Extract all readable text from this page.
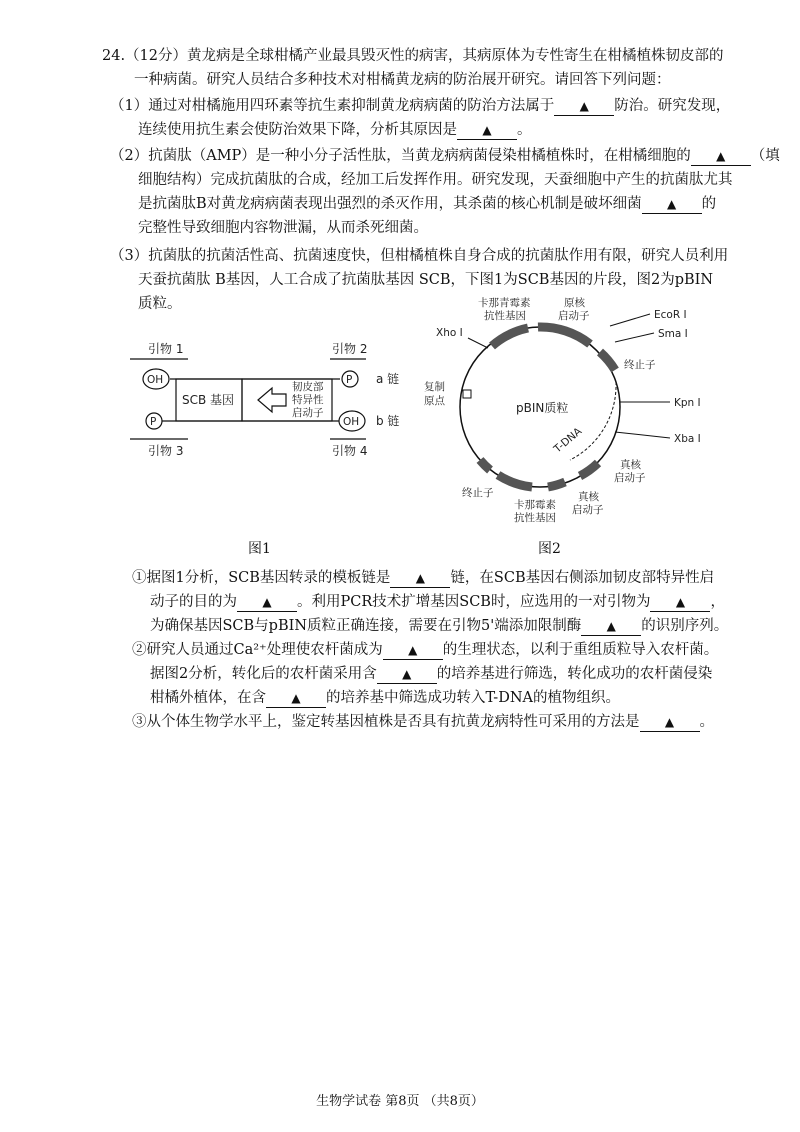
24.（12分）黄龙病是全球柑橘产业最具毁灭性的病害，其病原体为专性寄生在柑橘植株韧皮部的
一种病菌。研究人员结合多种技术对柑橘黄龙病的防治展开研究。请回答下列问题：
（1）通过对柑橘施用四环素等抗生素抑制黄龙病病菌的防治方法属于 ▲ 防治。研究发现，
连续使用抗生素会使防治效果下降，分析其原因是 ▲ 。
（2）抗菌肽（AMP）是一种小分子活性肽，当黄龙病病菌侵染柑橘植株时，在柑橘细胞的 ▲ （填
细胞结构）完成抗菌肽的合成，经加工后发挥作用。研究发现，天蚕细胞中产生的抗菌肽尤其
是抗菌肽B对黄龙病病菌表现出强烈的杀灭作用，其杀菌的核心机制是破坏细菌 ▲ 的
完整性导致细胞内容物泄漏，从而杀死细菌。
（3）抗菌肽的抗菌活性高、抗菌速度快，但柑橘植株自身合成的抗菌肽作用有限，研究人员利用
天蚕抗菌肽 B基因，人工合成了抗菌肽基因 SCB，下图1为SCB基因的片段，图2为pBIN
质粒。
引物 1	引物 2
引物 3	引物 4
SCB 基因
韧皮部
特异性
启动子
OH	P
P	OH
a 链
b 链
pBIN质粒
卡那青霉素
抗性基因
原核
启动子	EcoR I
Sma I
终止子
Kpn I
Xba I
Xho I
复制
原点
T-DNA
真核
启动子
真核
启动子
终止子
卡那霉素
抗性基因
图1	图2
①据图1分析，SCB基因转录的模板链是 ▲ 链，在SCB基因右侧添加韧皮部特异性启
动子的目的为 ▲ 。利用PCR技术扩增基因SCB时，应选用的一对引物为 ▲ ，
为确保基因SCB与pBIN质粒正确连接，需要在引物5'端添加限制酶 ▲ 的识别序列。
②研究人员通过Ca²⁺处理使农杆菌成为 ▲ 的生理状态，以利于重组质粒导入农杆菌。
据图2分析，转化后的农杆菌采用含 ▲ 的培养基进行筛选，转化成功的农杆菌侵染
柑橘外植体，在含 ▲ 的培养基中筛选成功转入T-DNA的植物组织。
③从个体生物学水平上，鉴定转基因植株是否具有抗黄龙病特性可采用的方法是 ▲ 。
生物学试卷 第8页 （共8页）
